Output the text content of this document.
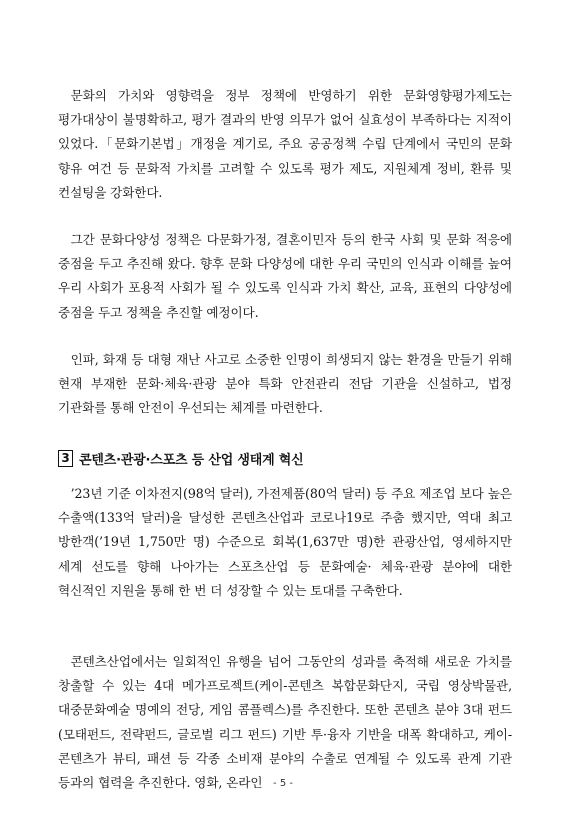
문화의 가치와 영향력을 정부 정책에 반영하기 위한 문화영향평가제도는 평가대상이 불명확하고, 평가 결과의 반영 의무가 없어 실효성이 부족하다는 지적이 있었다.「문화기본법」개정을 계기로, 주요 공공정책 수립 단계에서 국민의 문화 향유 여건 등 문화적 가치를 고려할 수 있도록 평가 제도, 지원체계 정비, 환류 및 컨설팅을 강화한다.

그간 문화다양성 정책은 다문화가정, 결혼이민자 등의 한국 사회 및 문화 적응에 중점을 두고 추진해 왔다. 향후 문화 다양성에 대한 우리 국민의 인식과 이해를 높여 우리 사회가 포용적 사회가 될 수 있도록 인식과 가치 확산, 교육, 표현의 다양성에 중점을 두고 정책을 추진할 예정이다.

인파, 화재 등 대형 재난 사고로 소중한 인명이 희생되지 않는 환경을 만들기 위해 현재 부재한 문화·체육·관광 분야 특화 안전관리 전담 기관을 신설하고, 법정 기관화를 통해 안전이 우선되는 체계를 마련한다.

3 콘텐츠·관광·스포츠 등 산업 생태계 혁신

’23년 기준 이차전지(98억 달러), 가전제품(80억 달러) 등 주요 제조업 보다 높은 수출액(133억 달러)을 달성한 콘텐츠산업과 코로나19로 주춤 했지만, 역대 최고 방한객(’19년 1,750만 명) 수준으로 회복(1,637만 명)한 관광산업, 영세하지만 세계 선도를 향해 나아가는 스포츠산업 등 문화예술· 체육·관광 분야에 대한 혁신적인 지원을 통해 한 번 더 성장할 수 있는 토대를 구축한다.

콘텐츠산업에서는 일회적인 유행을 넘어 그동안의 성과를 축적해 새로운 가치를 창출할 수 있는 4대 메가프로젝트(케이-콘텐츠 복합문화단지, 국립 영상박물관, 대중문화예술 명예의 전당, 게임 콤플렉스)를 추진한다. 또한 콘텐츠 분야 3대 펀드(모태펀드, 전략펀드, 글로벌 리그 펀드) 기반 투·융자 기반을 대폭 확대하고, 케이-콘텐츠가 뷰티, 패션 등 각종 소비재 분야의 수출로 연계될 수 있도록 관계 기관 등과의 협력을 추진한다. 영화, 온라인	- 5 -
